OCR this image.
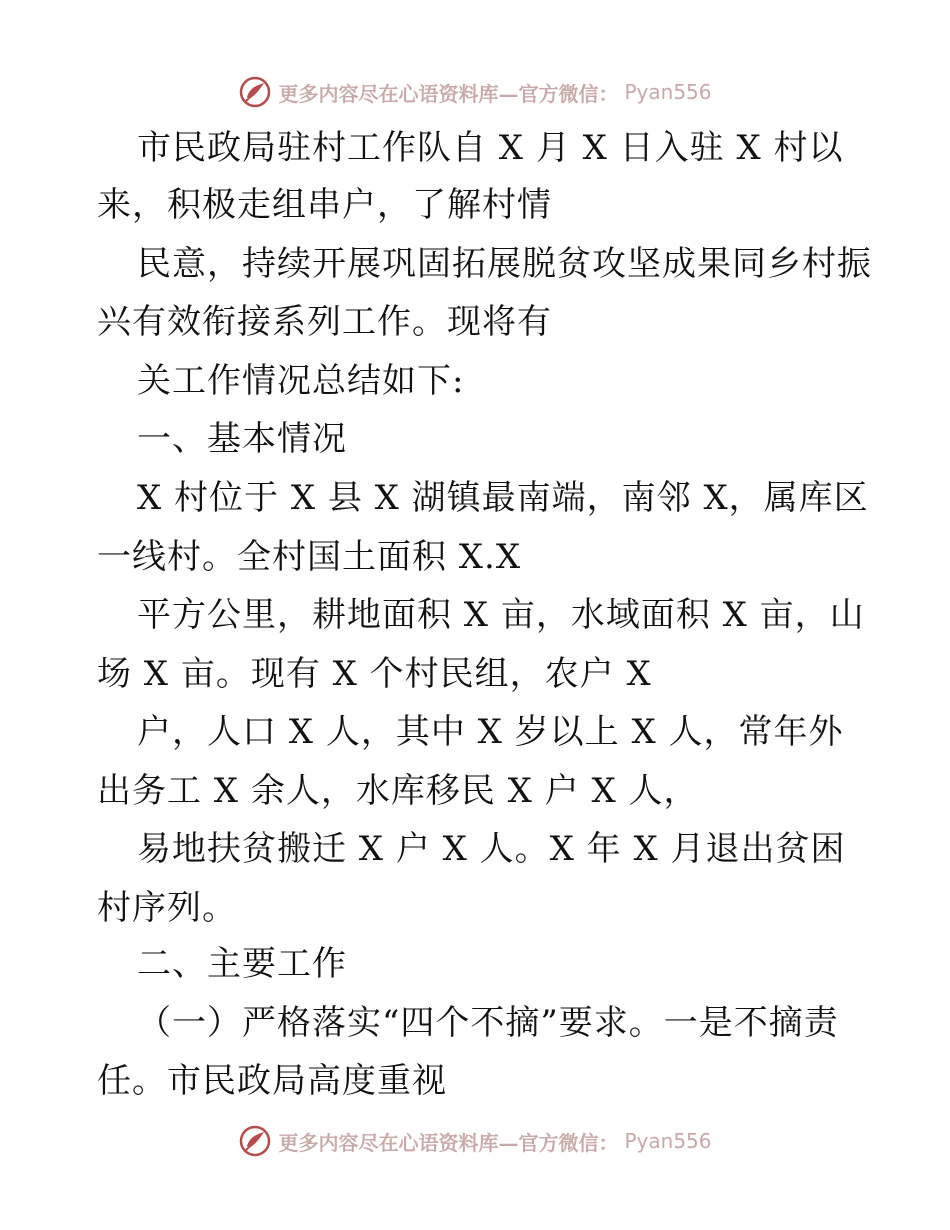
更多内容尽在心语资料库—官方微信： Pyan556
市民政局驻村工作队自 X 月 X 日入驻 X 村以
来，积极走组串户，了解村情
民意，持续开展巩固拓展脱贫攻坚成果同乡村振
兴有效衔接系列工作。现将有
关工作情况总结如下:
一、基本情况
X 村位于 X 县 X 湖镇最南端，南邻 X，属库区
一线村。全村国土面积 X.X
平方公里，耕地面积 X 亩，水域面积 X 亩，山
场 X 亩。现有 X 个村民组，农户 X
户，人口 X 人，其中 X 岁以上 X 人，常年外
出务工 X 余人，水库移民 X 户 X 人，
易地扶贫搬迁 X 户 X 人。X 年 X 月退出贫困
村序列。
二、主要工作
（一）严格落实“四个不摘”要求。一是不摘责
任。市民政局高度重视
更多内容尽在心语资料库—官方微信： Pyan556
